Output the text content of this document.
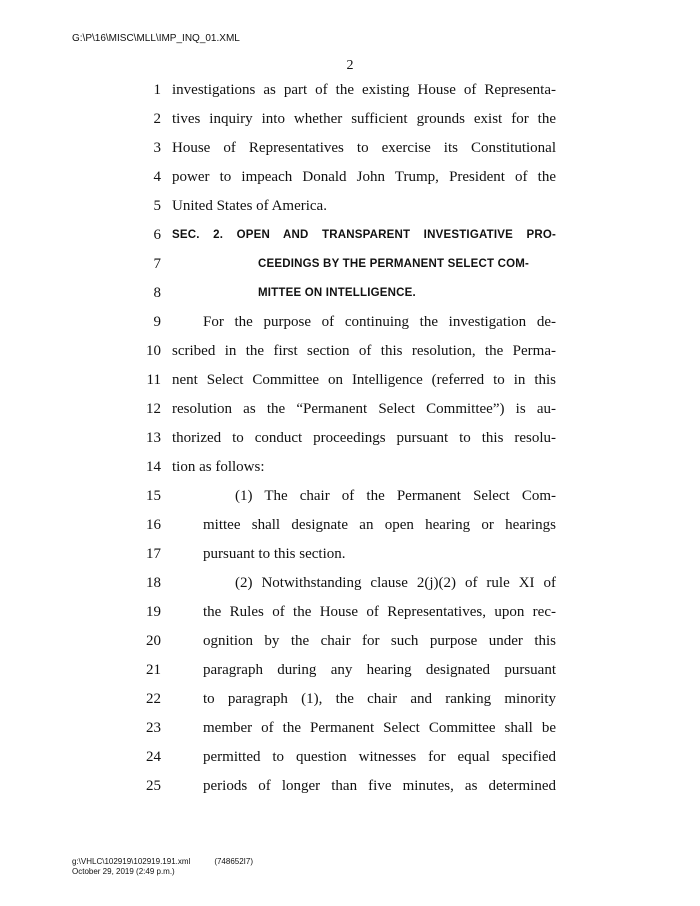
G:\P\16\MISC\MLL\IMP_INQ_01.XML
2
1 investigations as part of the existing House of Representa-
2 tives inquiry into whether sufficient grounds exist for the
3 House of Representatives to exercise its Constitutional
4 power to impeach Donald John Trump, President of the
5 United States of America.
6 SEC. 2. OPEN AND TRANSPARENT INVESTIGATIVE PRO-
7	CEEDINGS BY THE PERMANENT SELECT COM-
8	MITTEE ON INTELLIGENCE.
9	For the purpose of continuing the investigation de-
10 scribed in the first section of this resolution, the Perma-
11 nent Select Committee on Intelligence (referred to in this
12 resolution as the “Permanent Select Committee”) is au-
13 thorized to conduct proceedings pursuant to this resolu-
14 tion as follows:
15	(1) The chair of the Permanent Select Com-
16	mittee shall designate an open hearing or hearings
17	pursuant to this section.
18	(2) Notwithstanding clause 2(j)(2) of rule XI of
19	the Rules of the House of Representatives, upon rec-
20	ognition by the chair for such purpose under this
21	paragraph during any hearing designated pursuant
22	to paragraph (1), the chair and ranking minority
23	member of the Permanent Select Committee shall be
24	permitted to question witnesses for equal specified
25	periods of longer than five minutes, as determined
g:\VHLC\102919\102919.191.xml	(748652I7)
October 29, 2019 (2:49 p.m.)
